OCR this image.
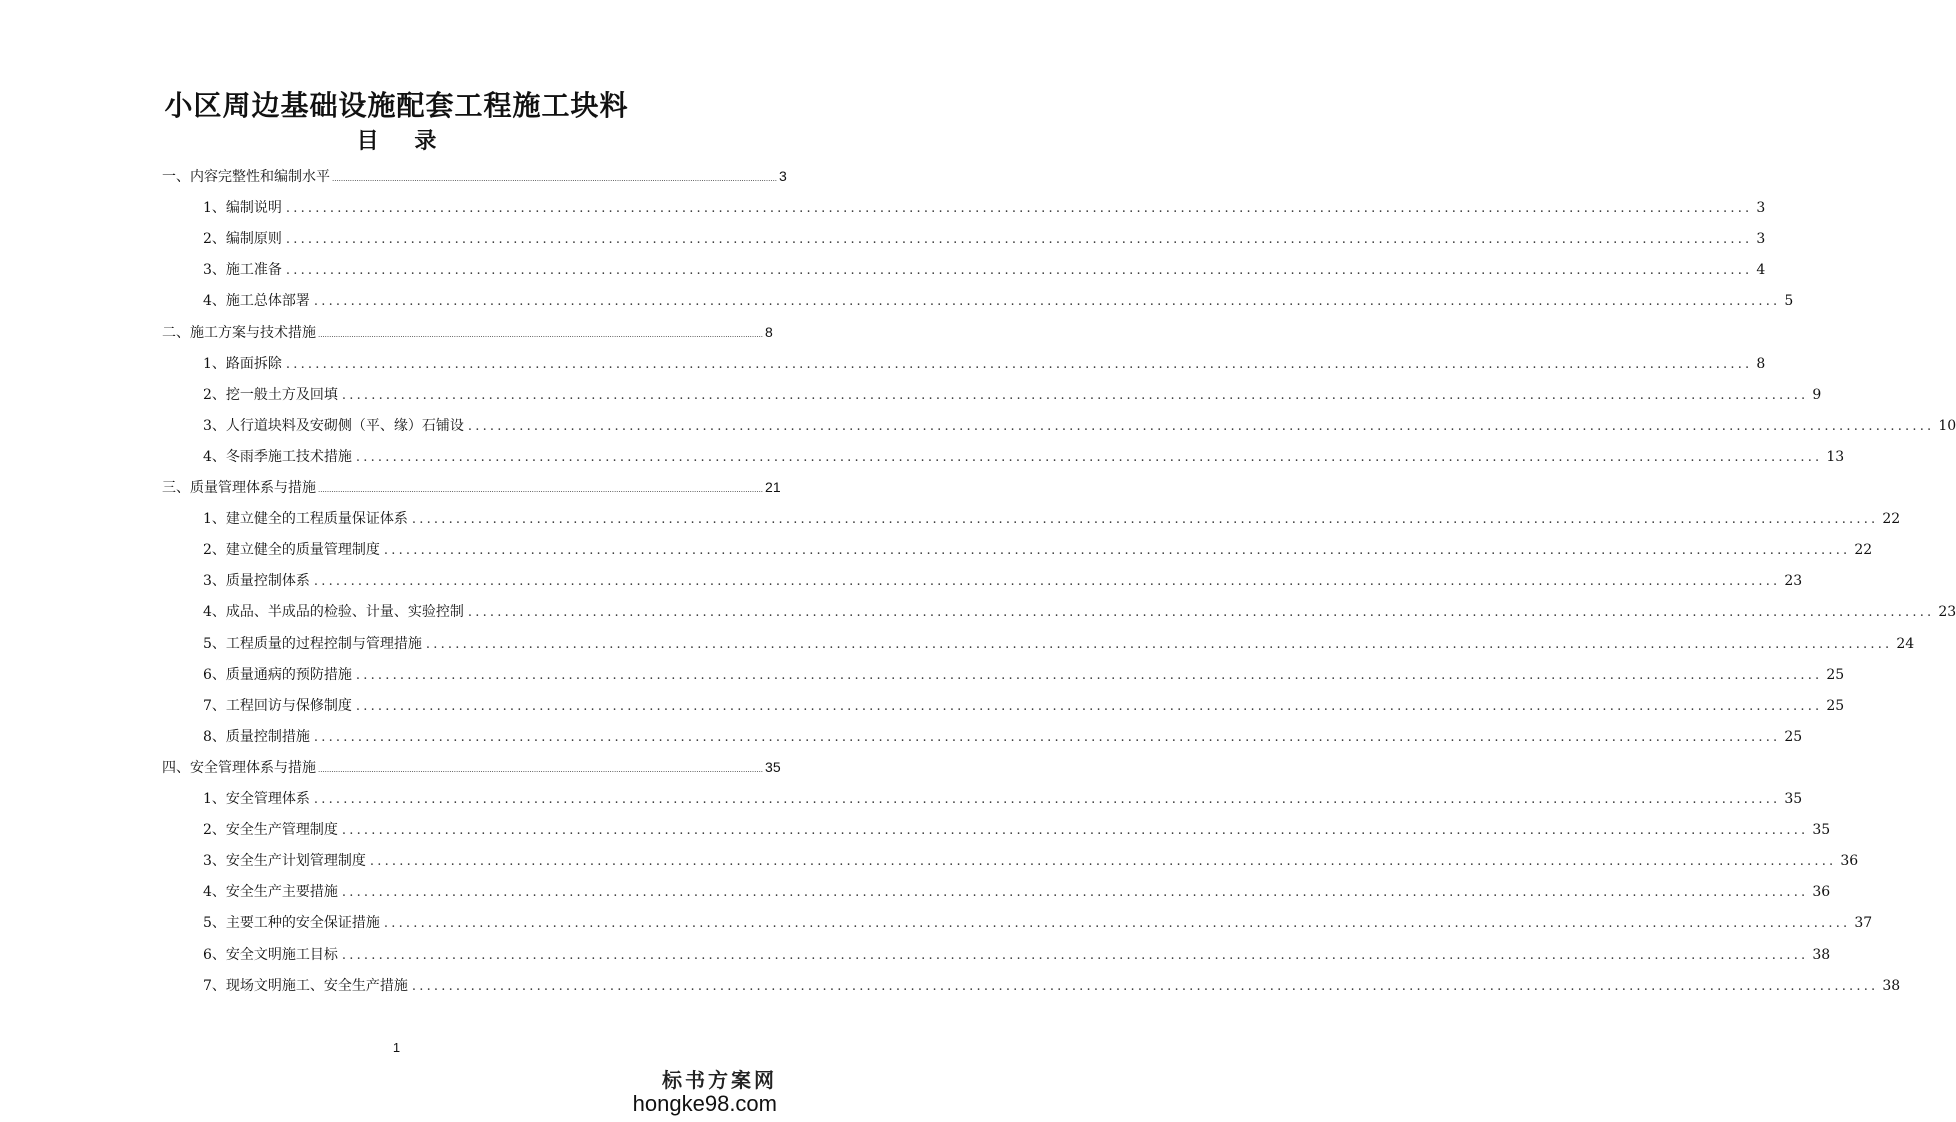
小区周边基础设施配套工程施工块料
目 录
一、内容完整性和编制水平 ........................................................................................................................................................................................................ 3
1、编制说明 ........................................................................................................................................................................................................ 3
2、编制原则 ........................................................................................................................................................................................................ 3
3、施工准备 ........................................................................................................................................................................................................ 4
4、施工总体部署 ........................................................................................................................................................................................................ 5
二、施工方案与技术措施 ........................................................................................................................................................................................................ 8
1、路面拆除 ........................................................................................................................................................................................................ 8
2、挖一般土方及回填 ........................................................................................................................................................................................................ 9
3、人行道块料及安砌侧（平、缘）石铺设 ........................................................................................................................................................................................................ 10
4、冬雨季施工技术措施 ........................................................................................................................................................................................................ 13
三、质量管理体系与措施 ........................................................................................................................................................................................................ 21
1、建立健全的工程质量保证体系 ........................................................................................................................................................................................................ 22
2、建立健全的质量管理制度 ........................................................................................................................................................................................................ 22
3、质量控制体系 ........................................................................................................................................................................................................ 23
4、成品、半成品的检验、计量、实验控制 ........................................................................................................................................................................................................ 23
5、工程质量的过程控制与管理措施 ........................................................................................................................................................................................................ 24
6、质量通病的预防措施 ........................................................................................................................................................................................................ 25
7、工程回访与保修制度 ........................................................................................................................................................................................................ 25
8、质量控制措施 ........................................................................................................................................................................................................ 25
四、安全管理体系与措施 ........................................................................................................................................................................................................ 35
1、安全管理体系 ........................................................................................................................................................................................................ 35
2、安全生产管理制度 ........................................................................................................................................................................................................ 35
3、安全生产计划管理制度 ........................................................................................................................................................................................................ 36
4、安全生产主要措施 ........................................................................................................................................................................................................ 36
5、主要工种的安全保证措施 ........................................................................................................................................................................................................ 37
6、安全文明施工目标 ........................................................................................................................................................................................................ 38
7、现场文明施工、安全生产措施 ........................................................................................................................................................................................................ 38
1
标书方案网
hongke98.com
